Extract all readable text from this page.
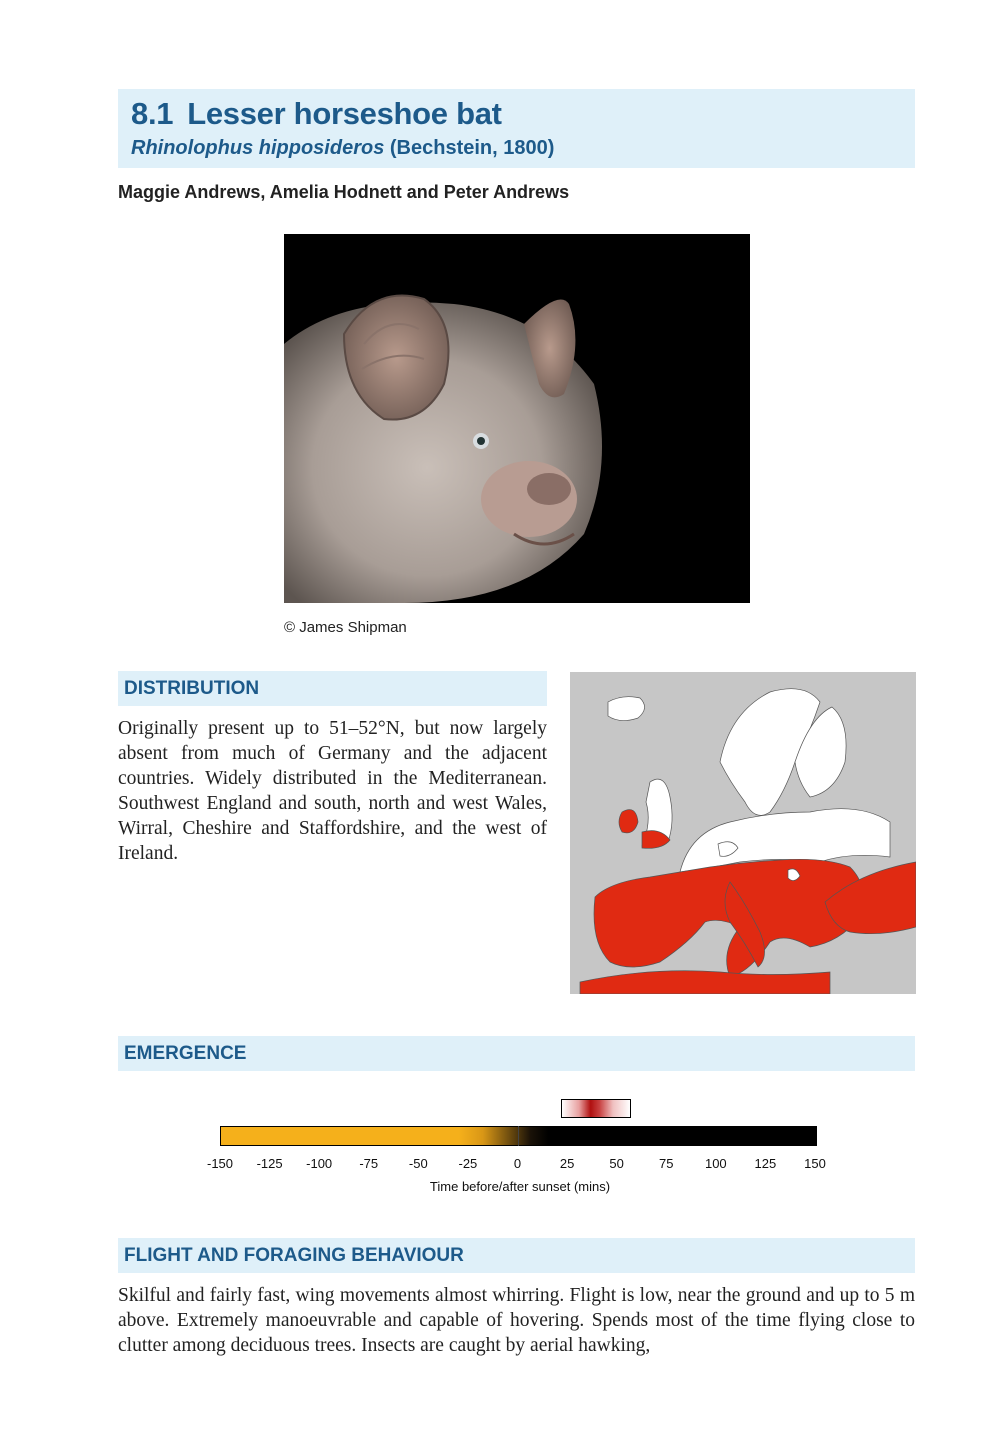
8.1 Lesser horseshoe bat
Rhinolophus hipposideros (Bechstein, 1800)
Maggie Andrews, Amelia Hodnett and Peter Andrews
© James Shipman
DISTRIBUTION
Originally present up to 51–52°N, but now largely absent from much of Germany and the adjacent countries. Widely distributed in the Mediterranean. Southwest England and south, north and west Wales, Wirral, Cheshire and Staffordshire, and the west of Ireland.
EMERGENCE
-150	-125	-100	-75	-50	-25	0	25	50	75	100	125	150
Time before/after sunset (mins)
FLIGHT AND FORAGING BEHAVIOUR
Skilful and fairly fast, wing movements almost whirring. Flight is low, near the ground and up to 5 m above. Extremely manoeuvrable and capable of hovering. Spends most of the time flying close to clutter among deciduous trees. Insects are caught by aerial hawking,
